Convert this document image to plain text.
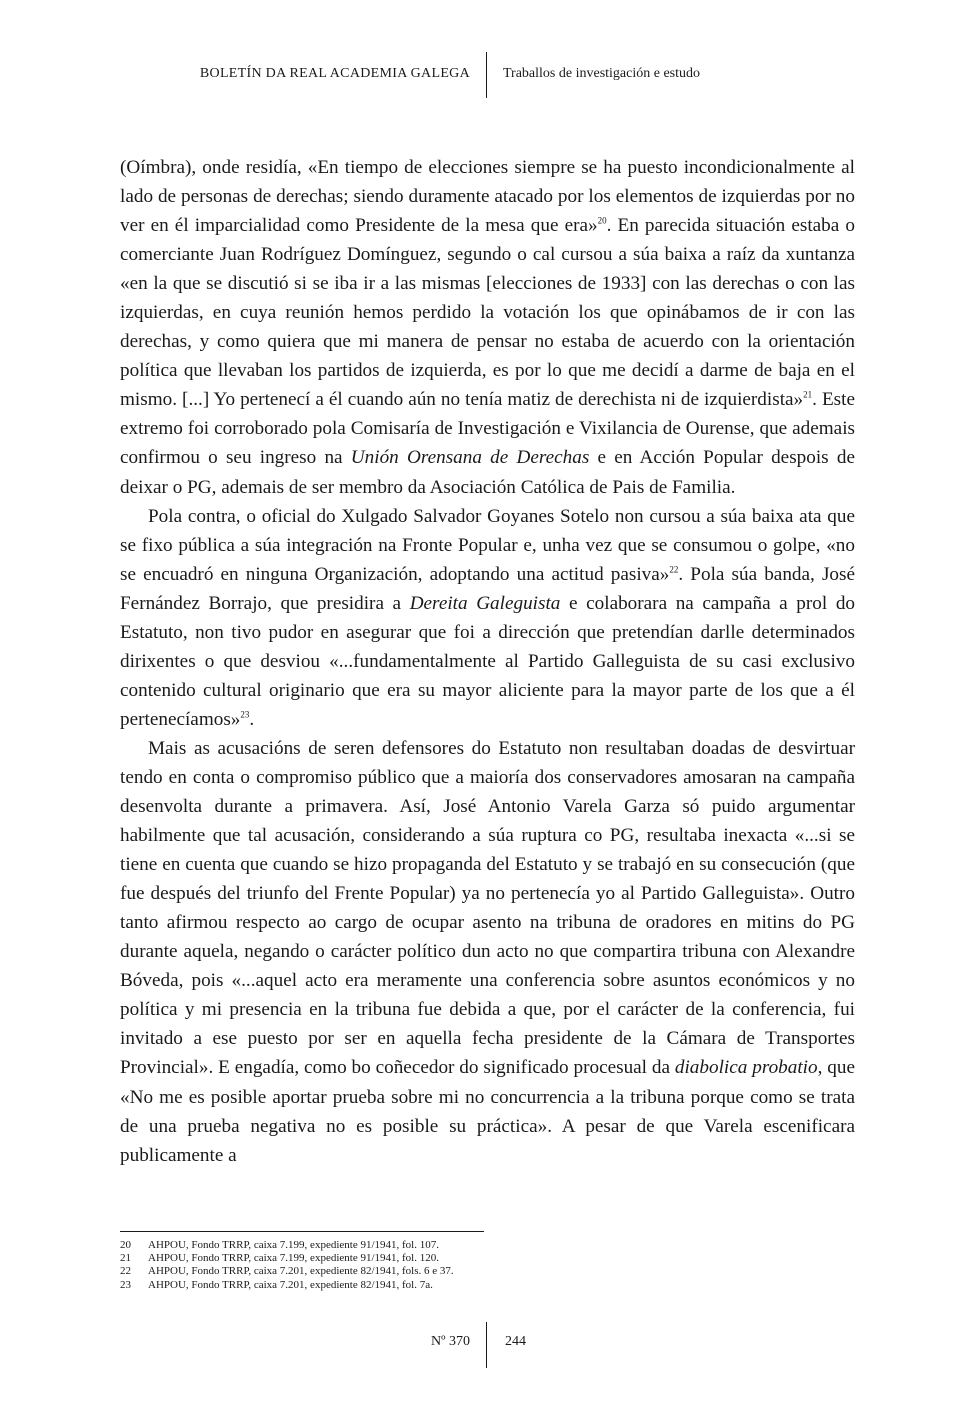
BOLETÍN DA REAL ACADEMIA GALEGA Traballos de investigación e estudo

(Oímbra), onde residía, «En tiempo de elecciones siempre se ha puesto incondicionalmente al lado de personas de derechas; siendo duramente atacado por los elementos de izquierdas por no ver en él imparcialidad como Presidente de la mesa que era»$^{20}$. En parecida situación estaba o comerciante Juan Rodríguez Domínguez, segundo o cal cursou a súa baixa a raíz da xuntanza «en la que se discutió si se iba ir a las mismas [elecciones de 1933] con las derechas o con las izquierdas, en cuya reunión hemos perdido la votación los que opinábamos de ir con las derechas, y como quiera que mi manera de pensar no estaba de acuerdo con la orientación política que llevaban los partidos de izquierda, es por lo que me decidí a darme de baja en el mismo. [...] Yo pertenecí a él cuando aún no tenía matiz de derechista ni de izquierdista»$^{21}$. Este extremo foi corroborado pola Comisaría de Investigación e Vixilancia de Ourense, que ademais confirmou o seu ingreso na Unión Orensana de Derechas e en Acción Popular despois de deixar o PG, ademais de ser membro da Asociación Católica de Pais de Familia.

Pola contra, o oficial do Xulgado Salvador Goyanes Sotelo non cursou a súa baixa ata que se fixo pública a súa integración na Fronte Popular e, unha vez que se consumou o golpe, «no se encuadró en ninguna Organización, adoptando una actitud pasiva»$^{22}$. Pola súa banda, José Fernández Borrajo, que presidira a Dereita Galeguista e colaborara na campaña a prol do Estatuto, non tivo pudor en asegurar que foi a dirección que pretendían darlle determinados dirixentes o que desviou «...fundamentalmente al Partido Galleguista de su casi exclusivo contenido cultural originario que era su mayor aliciente para la mayor parte de los que a él pertenecíamos»$^{23}$.

Mais as acusacións de seren defensores do Estatuto non resultaban doadas de desvirtuar tendo en conta o compromiso público que a maioría dos conservadores amosaran na campaña desenvolta durante a primavera. Así, José Antonio Varela Garza só puido argumentar habilmente que tal acusación, considerando a súa ruptura co PG, resultaba inexacta «...si se tiene en cuenta que cuando se hizo propaganda del Estatuto y se trabajó en su consecución (que fue después del triunfo del Frente Popular) ya no pertenecía yo al Partido Galleguista». Outro tanto afirmou respecto ao cargo de ocupar asento na tribuna de oradores en mitins do PG durante aquela, negando o carácter político dun acto no que compartira tribuna con Alexandre Bóveda, pois «...aquel acto era meramente una conferencia sobre asuntos económicos y no política y mi presencia en la tribuna fue debida a que, por el carácter de la conferencia, fui invitado a ese puesto por ser en aquella fecha presidente de la Cámara de Transportes Provincial». E engadía, como bo coñecedor do significado procesual da diabolica probatio, que «No me es posible aportar prueba sobre mi no concurrencia a la tribuna porque como se trata de una prueba negativa no es posible su práctica». A pesar de que Varela escenificara publicamente a

20	AHPOU, Fondo TRRP, caixa 7.199, expediente 91/1941, fol. 107.
21	AHPOU, Fondo TRRP, caixa 7.199, expediente 91/1941, fol. 120.
22	AHPOU, Fondo TRRP, caixa 7.201, expediente 82/1941, fols. 6 e 37.
23	AHPOU, Fondo TRRP, caixa 7.201, expediente 82/1941, fol. 7a.
Nº 370	244
